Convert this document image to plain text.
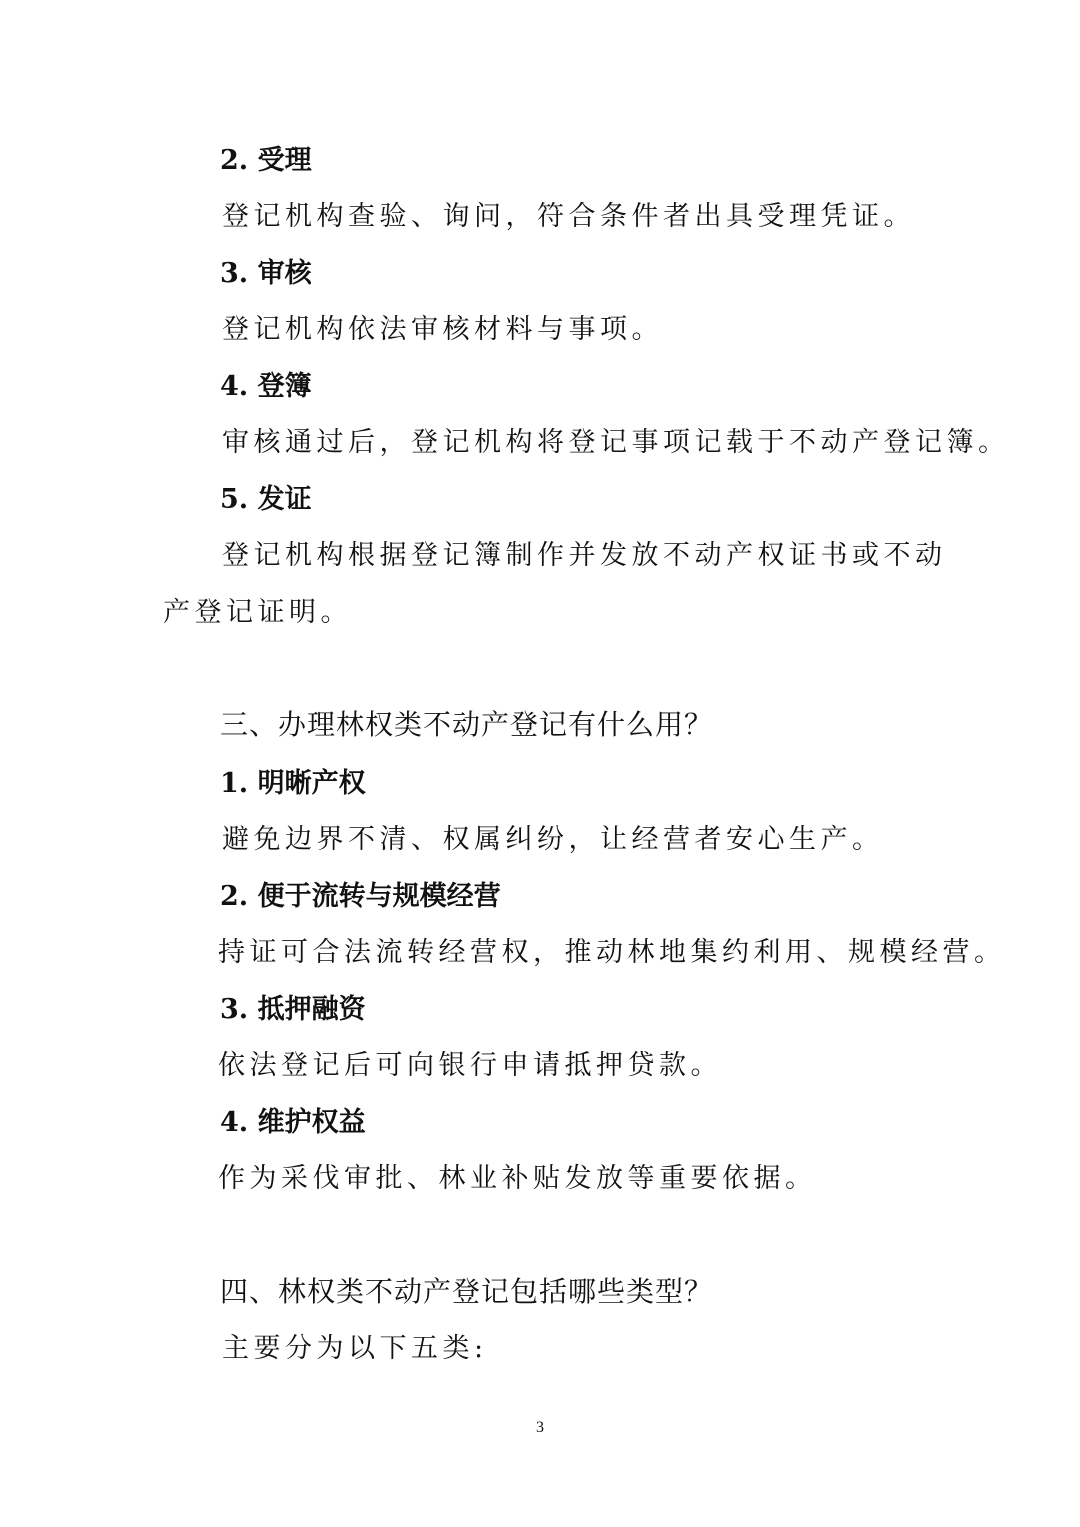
2. 受理
登记机构查验、询问，符合条件者出具受理凭证。
3. 审核
登记机构依法审核材料与事项。
4. 登簿
审核通过后，登记机构将登记事项记载于不动产登记簿。
5. 发证
登记机构根据登记簿制作并发放不动产权证书或不动
产登记证明。
三、办理林权类不动产登记有什么用？
1. 明晰产权
避免边界不清、权属纠纷，让经营者安心生产。
2. 便于流转与规模经营
持证可合法流转经营权，推动林地集约利用、规模经营。
3. 抵押融资
依法登记后可向银行申请抵押贷款。
4. 维护权益
作为采伐审批、林业补贴发放等重要依据。
四、林权类不动产登记包括哪些类型？
主要分为以下五类:
3
